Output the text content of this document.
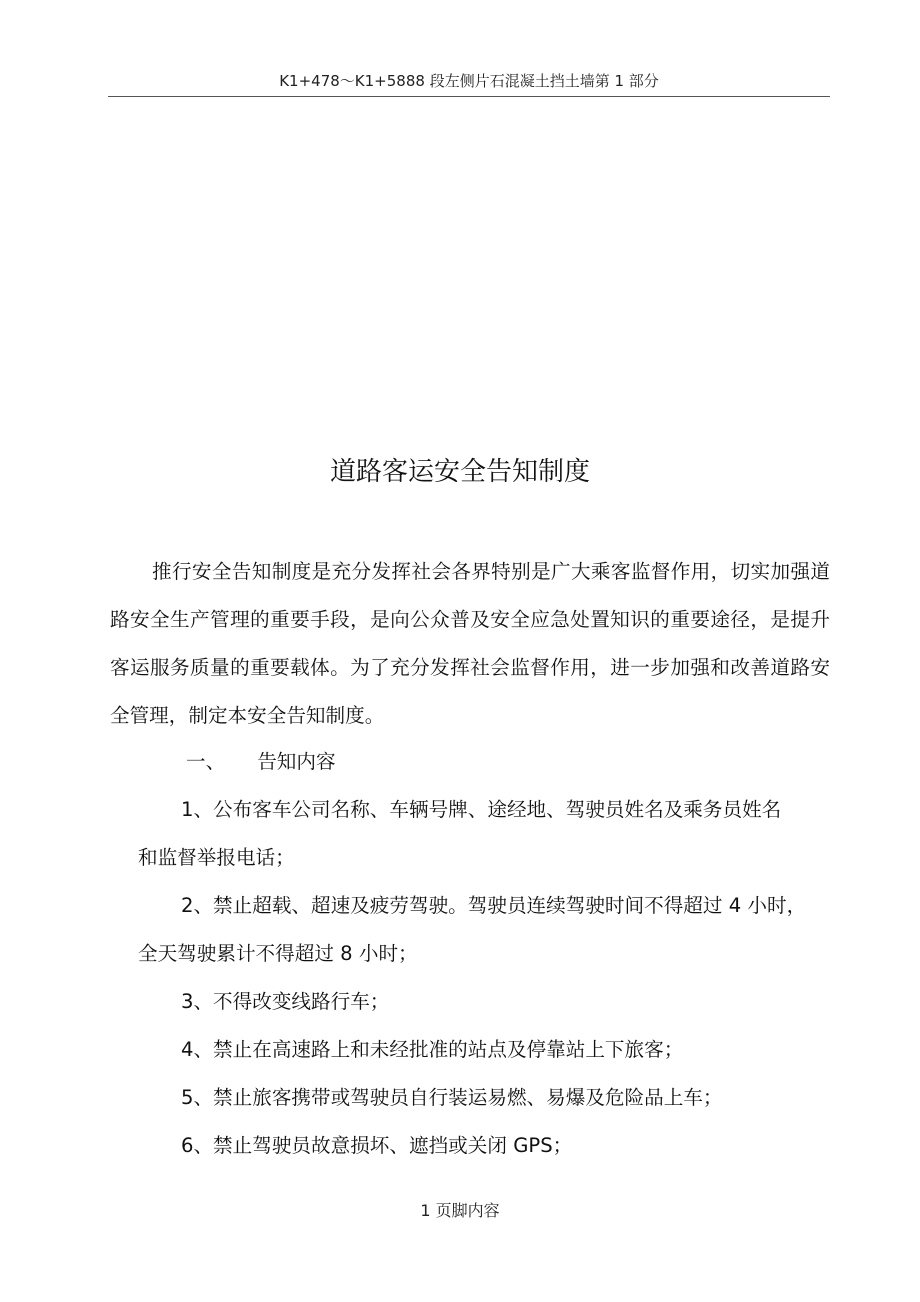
K1+478～K1+5888 段左侧片石混凝土挡土墙第 1 部分
道路客运安全告知制度

推行安全告知制度是充分发挥社会各界特别是广大乘客监督作用，切实加强道路安全生产管理的重要手段，是向公众普及安全应急处置知识的重要途径，是提升客运服务质量的重要载体。为了充分发挥社会监督作用，进一步加强和改善道路安全管理，制定本安全告知制度。

一、 告知内容
1、公布客车公司名称、车辆号牌、途经地、驾驶员姓名及乘务员姓名
和监督举报电话；
2、禁止超载、超速及疲劳驾驶。驾驶员连续驾驶时间不得超过 4 小时，
全天驾驶累计不得超过 8 小时；
3、不得改变线路行车；
4、禁止在高速路上和未经批准的站点及停靠站上下旅客；
5、禁止旅客携带或驾驶员自行装运易燃、易爆及危险品上车；
6、禁止驾驶员故意损坏、遮挡或关闭 GPS；
1 页脚内容
